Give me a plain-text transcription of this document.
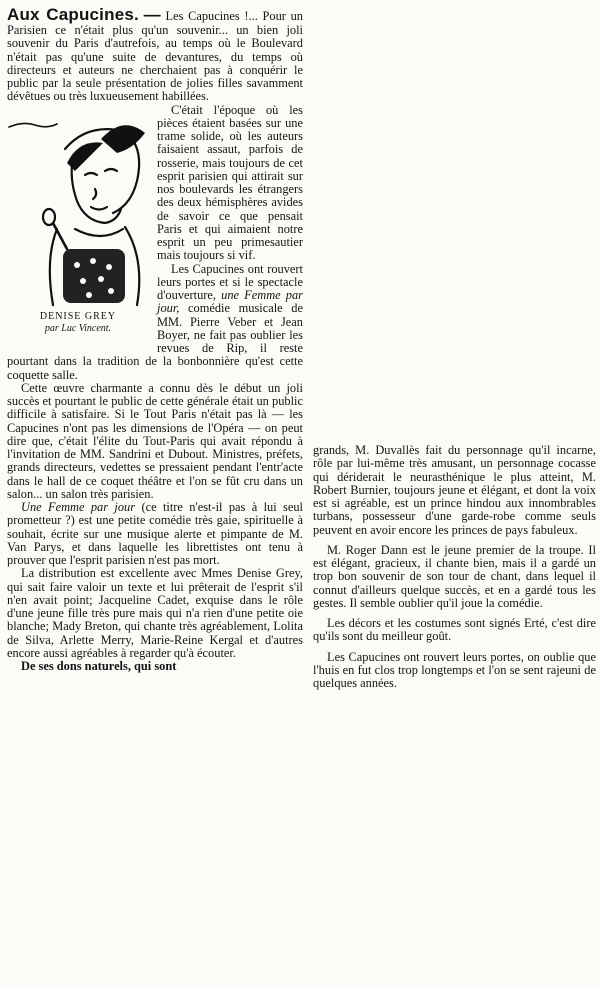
Aux Capucines. — Les Capucines !... Pour un Parisien ce n'était plus qu'un souvenir... un bien joli souvenir du Paris d'autrefois, au temps où le Boulevard n'était pas qu'une suite de devantures, du temps où directeurs et auteurs ne cherchaient pas à conquérir le public par la seule présentation de jolies filles savamment dévêtues ou très luxueusement habillées.

DENISE GREY
par Luc Vincent.

C'était l'époque où les pièces étaient basées sur une trame solide, où les auteurs faisaient assaut, parfois de rosserie, mais toujours de cet esprit parisien qui attirait sur nos boulevards les étrangers des deux hémisphères avides de savoir ce que pensait Paris et qui aimaient notre esprit un peu primesautier mais toujours si vif.

Les Capucines ont rouvert leurs portes et si le spectacle d'ouverture, une Femme par jour, comédie musicale de MM. Pierre Veber et Jean Boyer, ne fait pas oublier les revues de Rip, il reste pourtant dans la tradition de la bonbonnière qu'est cette coquette salle.

Cette œuvre charmante a connu dès le début un joli succès et pourtant le public de cette générale était un public difficile à satisfaire. Si le Tout Paris n'était pas là — les Capucines n'ont pas les dimensions de l'Opéra — on peut dire que, c'était l'élite du Tout-Paris qui avait répondu à l'invitation de MM. Sandrini et Dubout. Ministres, préfets, grands directeurs, vedettes se pressaient pendant l'entr'acte dans le hall de ce coquet théâtre et l'on se fût cru dans un salon... un salon très parisien.

Une Femme par jour (ce titre n'est-il pas à lui seul prometteur ?) est une petite comédie très gaie, spirituelle à souhait, écrite sur une musique alerte et pimpante de M. Van Parys, et dans laquelle les librettistes ont tenu à prouver que l'esprit parisien n'est pas mort.

La distribution est excellente avec Mmes Denise Grey, qui sait faire valoir un texte et lui prêterait de l'esprit s'il n'en avait point; Jacqueline Cadet, exquise dans le rôle d'une jeune fille très pure mais qui n'a rien d'une petite oie blanche; Mady Breton, qui chante très agréablement, Lolita de Silva, Arlette Merry, Marie-Reine Kergal et d'autres encore aussi agréables à regarder qu'à écouter.

De ses dons naturels, qui sont

grands, M. Duvallès fait du personnage qu'il incarne, rôle par lui-même très amusant, un personnage cocasse qui dériderait le neurasthénique le plus atteint, M. Robert Burnier, toujours jeune et élégant, et dont la voix est si agréable, est un prince hindou aux innombrables turbans, possesseur d'une garde-robe comme seuls peuvent en avoir encore les princes de pays fabuleux.

M. Roger Dann est le jeune premier de la troupe. Il est élégant, gracieux, il chante bien, mais il a gardé un trop bon souvenir de son tour de chant, dans lequel il connut d'ailleurs quelque succès, et en a gardé tous les gestes. Il semble oublier qu'il joue la comédie.

Les décors et les costumes sont signés Erté, c'est dire qu'ils sont du meilleur goût.

Les Capucines ont rouvert leurs portes, on oublie que l'huis en fut clos trop longtemps et l'on se sent rajeuni de quelques années.
